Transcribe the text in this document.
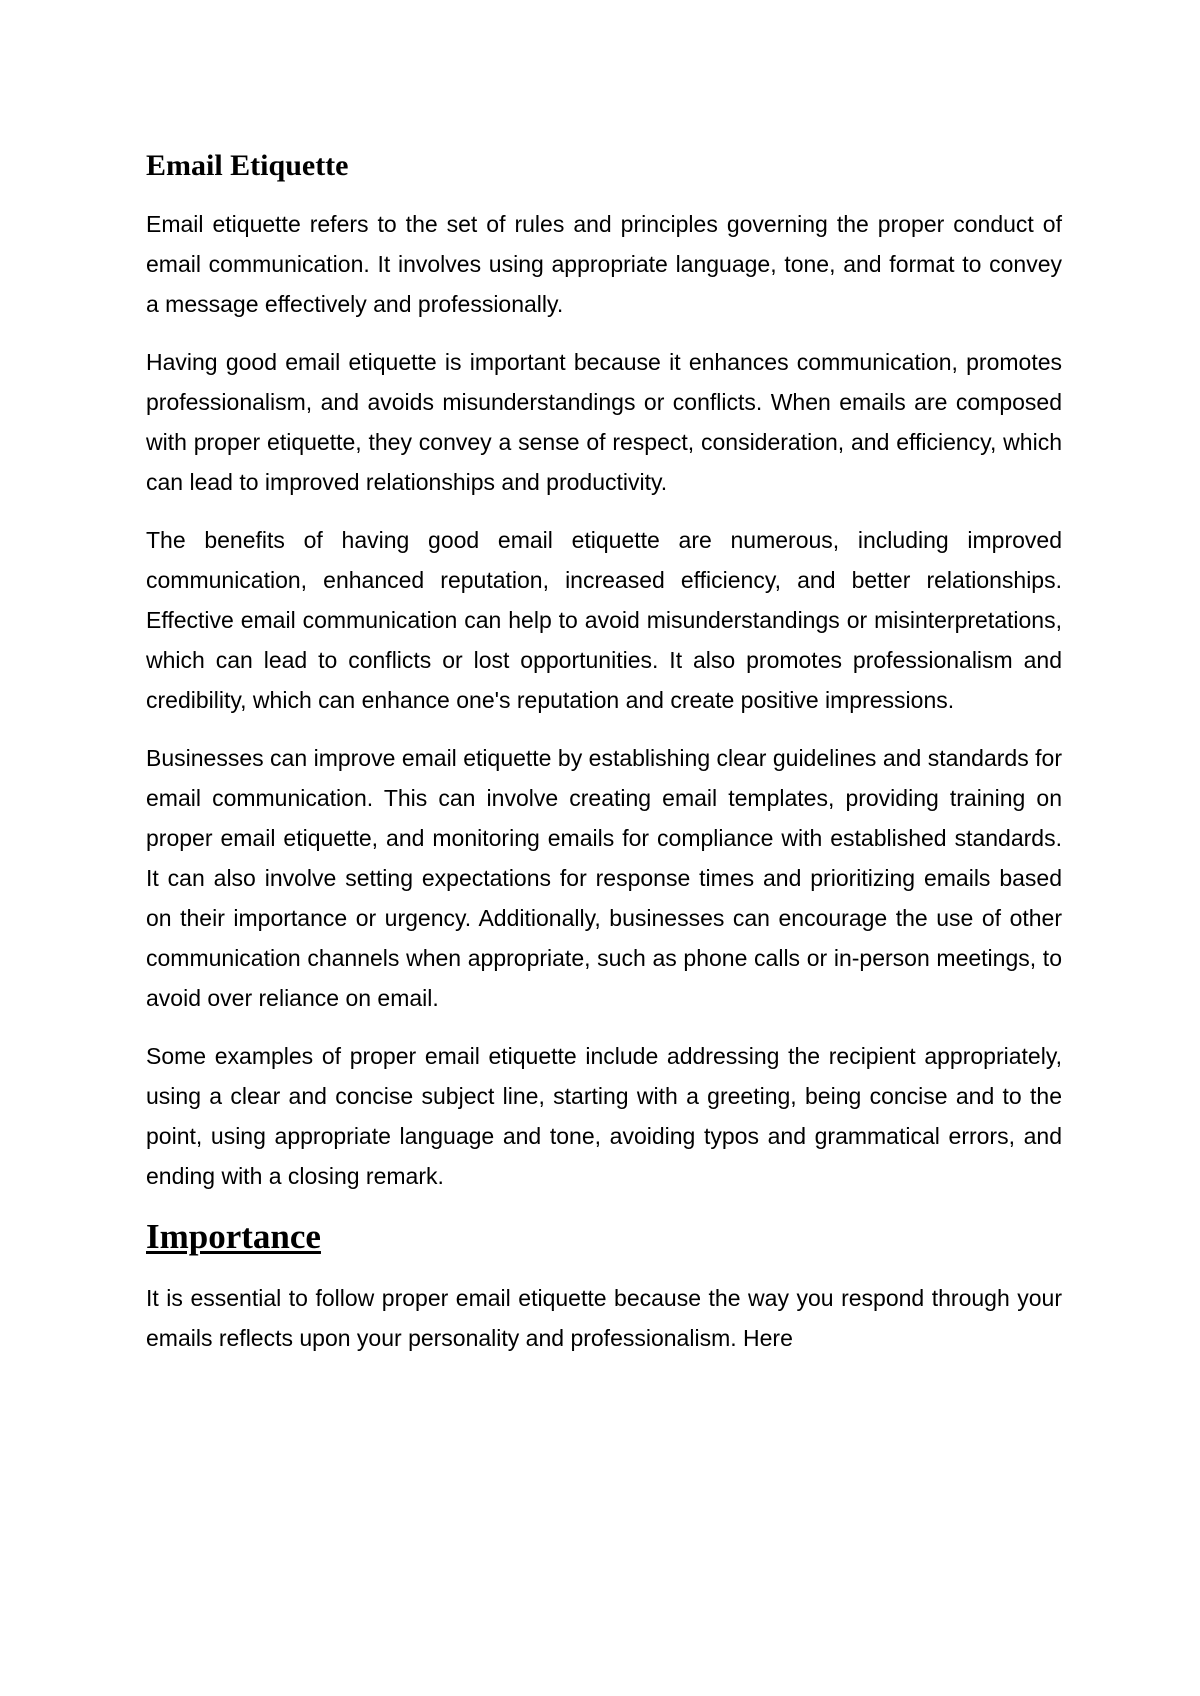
Email Etiquette

Email etiquette refers to the set of rules and principles governing the proper conduct of email communication. It involves using appropriate language, tone, and format to convey a message effectively and professionally.

Having good email etiquette is important because it enhances communication, promotes professionalism, and avoids misunderstandings or conflicts. When emails are composed with proper etiquette, they convey a sense of respect, consideration, and efficiency, which can lead to improved relationships and productivity.

The benefits of having good email etiquette are numerous, including improved communication, enhanced reputation, increased efficiency, and better relationships. Effective email communication can help to avoid misunderstandings or misinterpretations, which can lead to conflicts or lost opportunities. It also promotes professionalism and credibility, which can enhance one's reputation and create positive impressions.

Businesses can improve email etiquette by establishing clear guidelines and standards for email communication. This can involve creating email templates, providing training on proper email etiquette, and monitoring emails for compliance with established standards. It can also involve setting expectations for response times and prioritizing emails based on their importance or urgency. Additionally, businesses can encourage the use of other communication channels when appropriate, such as phone calls or in-person meetings, to avoid over reliance on email.

Some examples of proper email etiquette include addressing the recipient appropriately, using a clear and concise subject line, starting with a greeting, being concise and to the point, using appropriate language and tone, avoiding typos and grammatical errors, and ending with a closing remark.

Importance

It is essential to follow proper email etiquette because the way you respond through your emails reflects upon your personality and professionalism. Here
